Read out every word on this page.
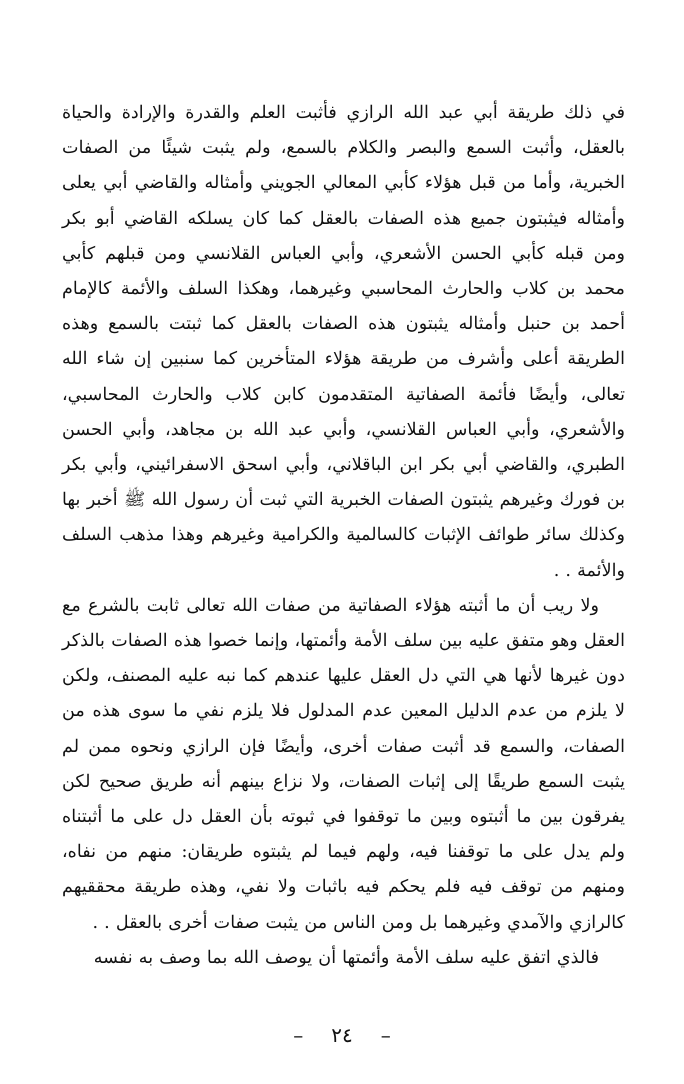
في ذلك طريقة أبي عبد الله الرازي فأثبت العلم والقدرة والإرادة والحياة بالعقل، وأثبت السمع والبصر والكلام بالسمع، ولم يثبت شيئًا من الصفات الخبرية، وأما من قبل هؤلاء كأبي المعالي الجويني وأمثاله والقاضي أبي يعلى وأمثاله فيثبتون جميع هذه الصفات بالعقل كما كان يسلكه القاضي أبو بكر ومن قبله كأبي الحسن الأشعري، وأبي العباس القلانسي ومن قبلهم كأبي محمد بن كلاب والحارث المحاسبي وغيرهما، وهكذا السلف والأئمة كالإمام أحمد بن حنبل وأمثاله يثبتون هذه الصفات بالعقل كما ثبتت بالسمع وهذه الطريقة أعلى وأشرف من طريقة هؤلاء المتأخرين كما سنبين إن شاء الله تعالى، وأيضًا فأئمة الصفاتية المتقدمون كابن كلاب والحارث المحاسبي، والأشعري، وأبي العباس القلانسي، وأبي عبد الله بن مجاهد، وأبي الحسن الطبري، والقاضي أبي بكر ابن الباقلاني، وأبي اسحق الاسفرائيني، وأبي بكر بن فورك وغيرهم يثبتون الصفات الخبرية التي ثبت أن رسول الله ﷺ أخبر بها وكذلك سائر طوائف الإثبات كالسالمية والكرامية وغيرهم وهذا مذهب السلف والأئمة . .

ولا ريب أن ما أثبته هؤلاء الصفاتية من صفات الله تعالى ثابت بالشرع مع العقل وهو متفق عليه بين سلف الأمة وأئمتها، وإنما خصوا هذه الصفات بالذكر دون غيرها لأنها هي التي دل العقل عليها عندهم كما نبه عليه المصنف، ولكن لا يلزم من عدم الدليل المعين عدم المدلول فلا يلزم نفي ما سوى هذه من الصفات، والسمع قد أثبت صفات أخرى، وأيضًا فإن الرازي ونحوه ممن لم يثبت السمع طريقًا إلى إثبات الصفات، ولا نزاع بينهم أنه طريق صحيح لكن يفرقون بين ما أثبتوه وبين ما توقفوا في ثبوته بأن العقل دل على ما أثبتناه ولم يدل على ما توقفنا فيه، ولهم فيما لم يثبتوه طريقان: منهم من نفاه، ومنهم من توقف فيه فلم يحكم فيه باثبات ولا نفي، وهذه طريقة محققيهم كالرازي والآمدي وغيرهما بل ومن الناس من يثبت صفات أخرى بالعقل . .

فالذي اتفق عليه سلف الأمة وأئمتها أن يوصف الله بما وصف به نفسه

–٢٤–
